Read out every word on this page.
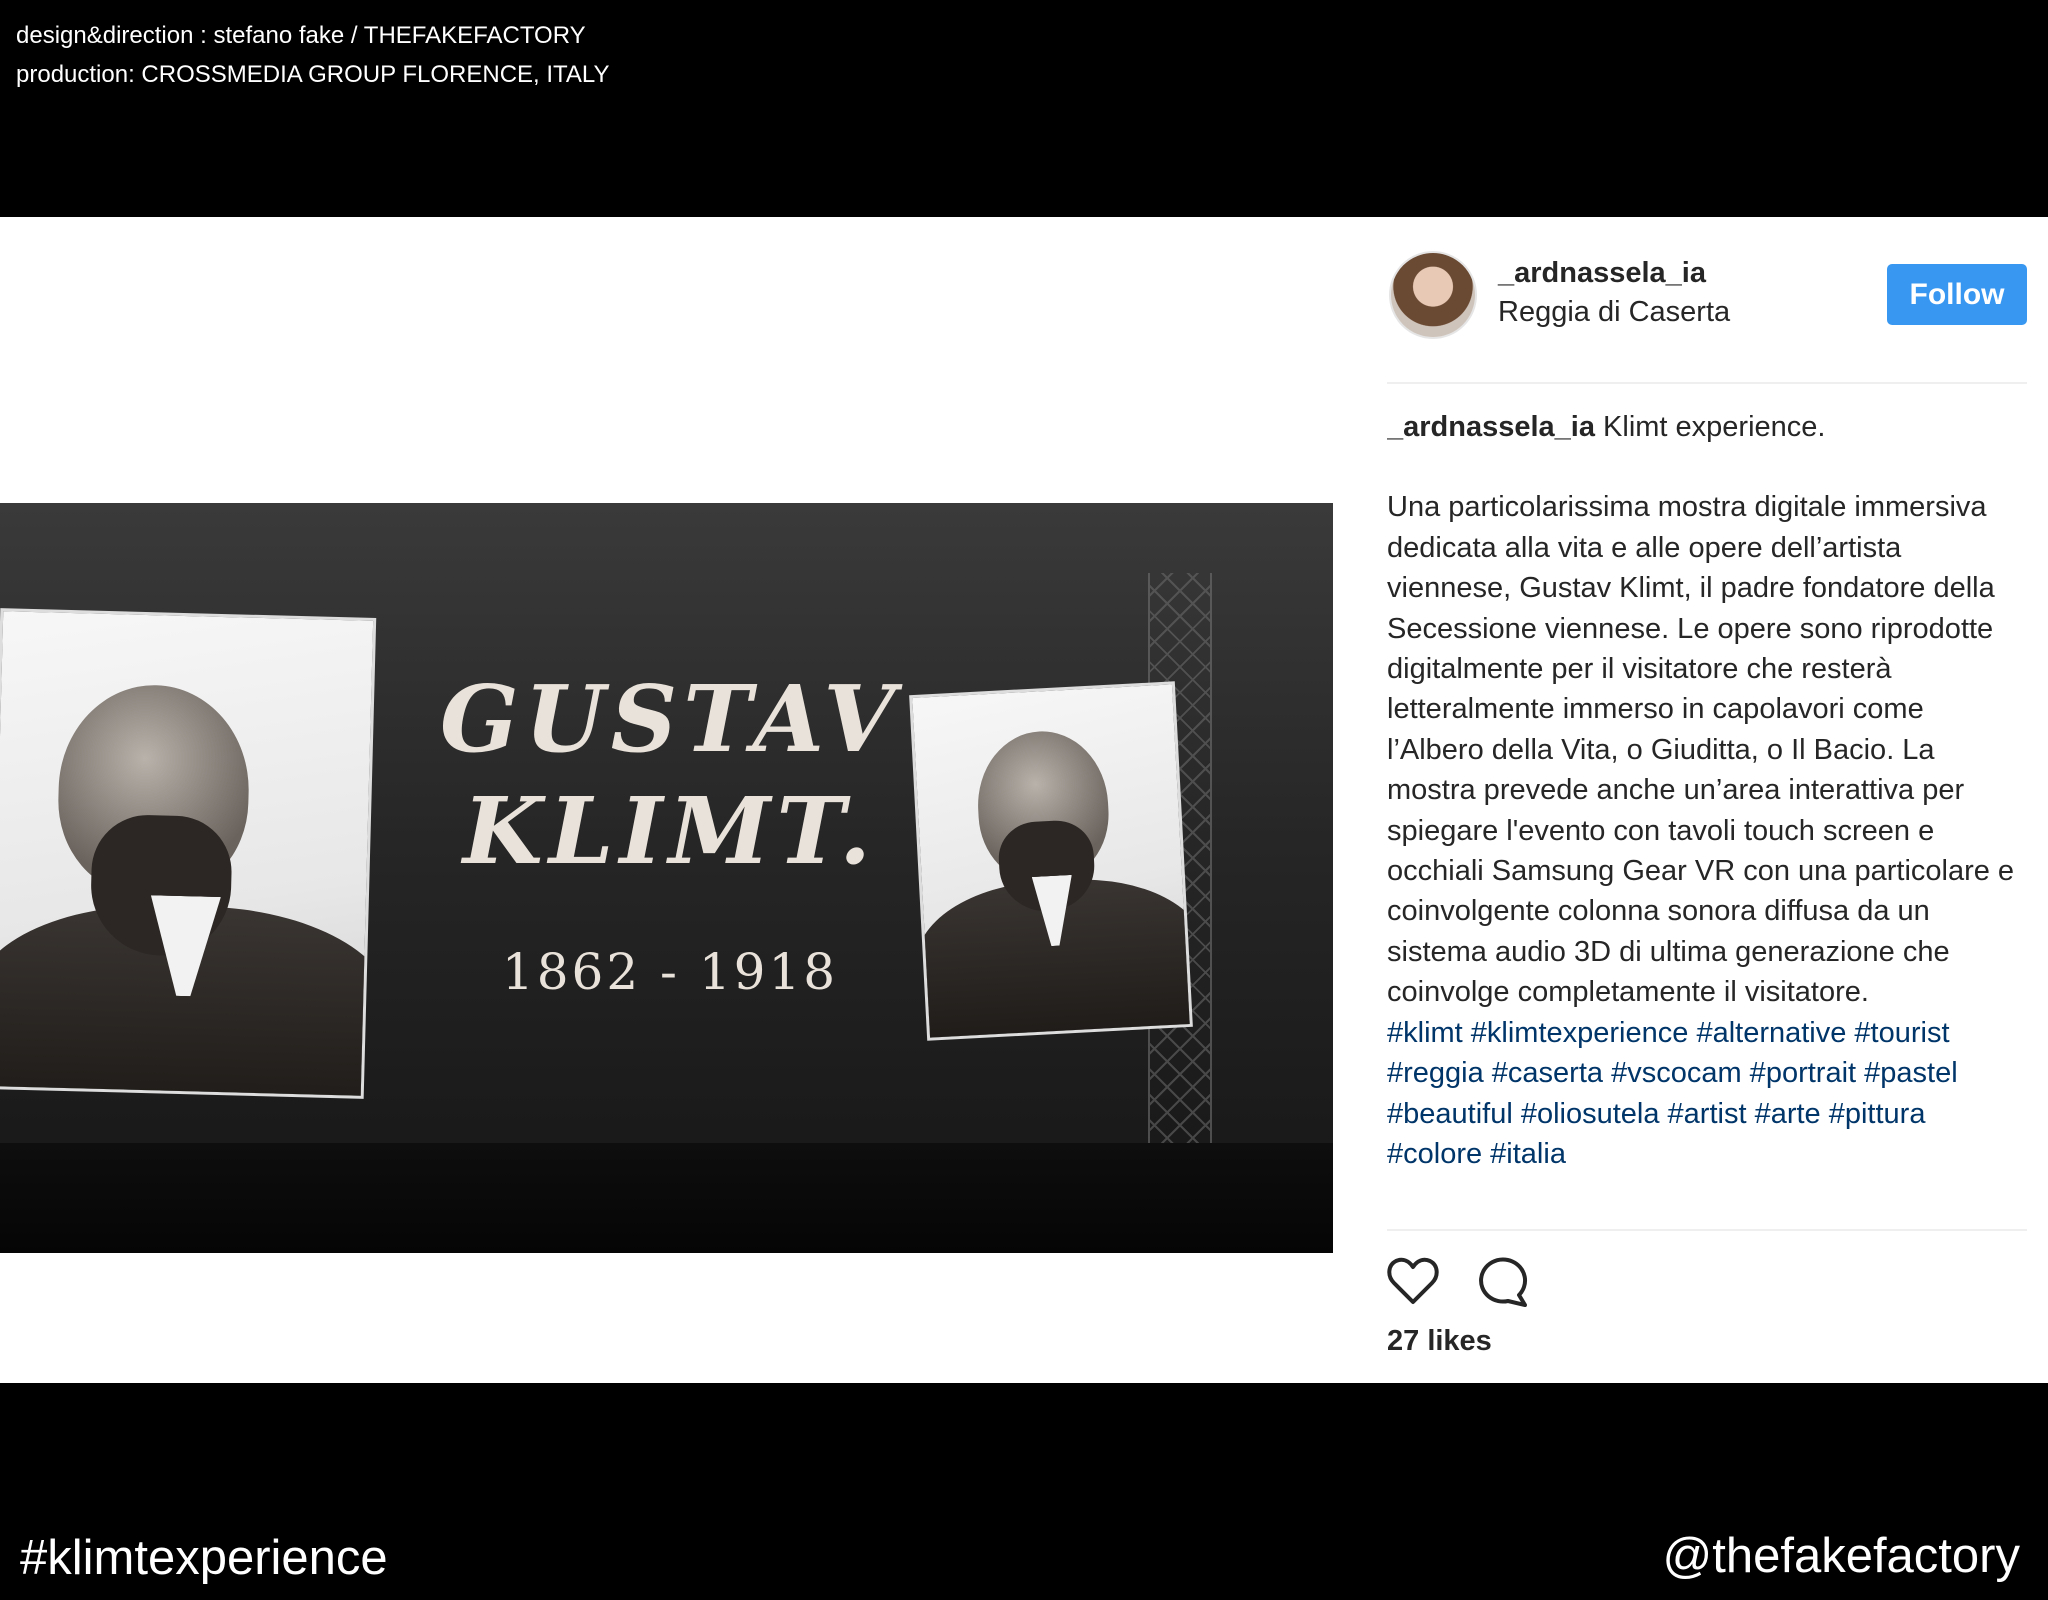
design&direction : stefano fake / THEFAKEFACTORY
production: CROSSMEDIA GROUP FLORENCE, ITALY
GUSTAV
KLIMT.
1862 - 1918
_ardnassela_ia
Reggia di Caserta
Follow

_ardnassela_ia Klimt experience.

Una particolarissima mostra digitale immersiva dedicata alla vita e alle opere dell’artista viennese, Gustav Klimt, il padre fondatore della Secessione viennese. Le opere sono riprodotte digitalmente per il visitatore che resterà letteralmente immerso in capolavori come l’Albero della Vita, o Giuditta, o Il Bacio. La mostra prevede anche un’area interattiva per spiegare l'evento con tavoli touch screen e occhiali Samsung Gear VR con una particolare e coinvolgente colonna sonora diffusa da un sistema audio 3D di ultima generazione che coinvolge completamente il visitatore.

#klimt #klimtexperience #alternative #tourist #reggia #caserta #vscocam #portrait #pastel #beautiful #oliosutela #artist #arte #pittura #colore #italia

27 likes
#klimtexperience	@thefakefactory
